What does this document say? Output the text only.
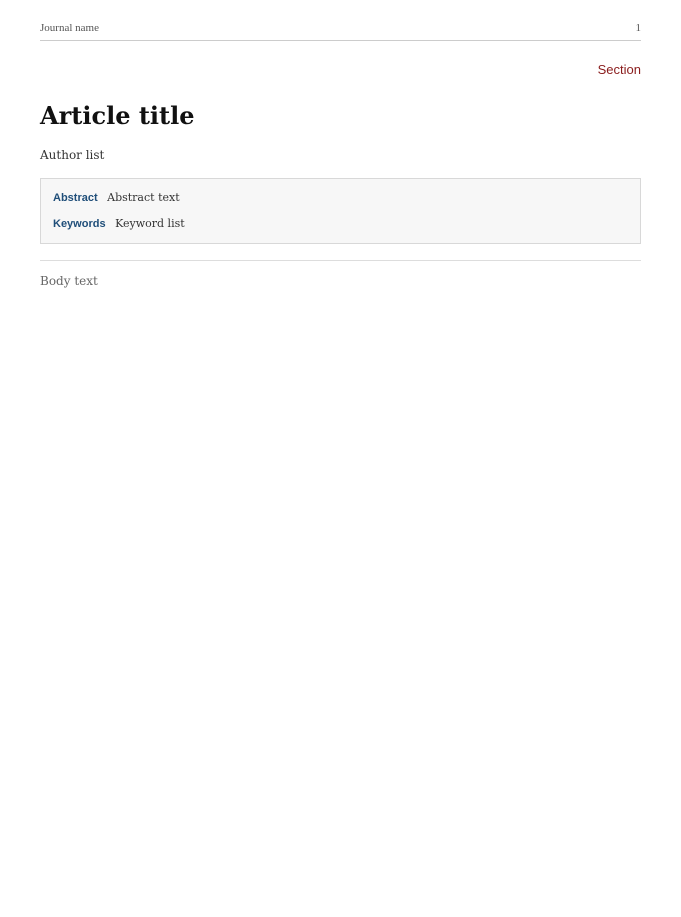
Journal name	1
Section
Article title
Author list
Abstract Abstract text
Keywords Keyword list
Body text
